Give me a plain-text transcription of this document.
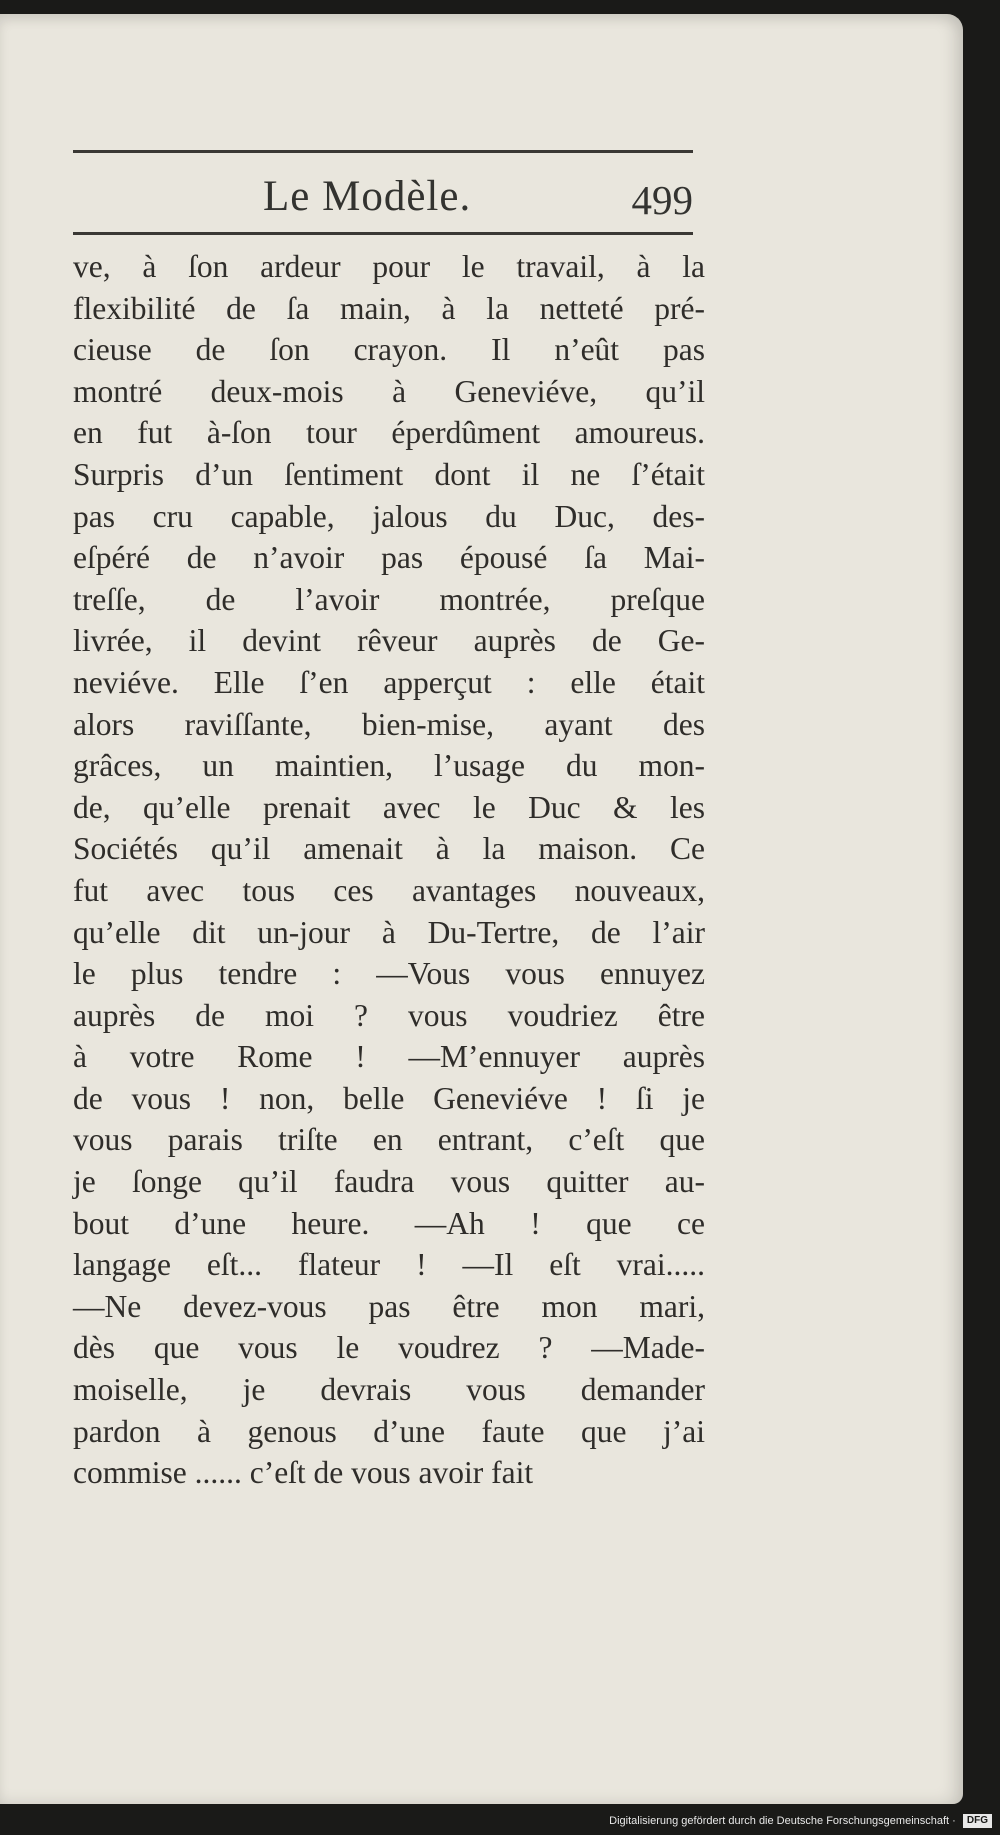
Le Modèle.	499
ve, à ſon ardeur pour le travail, à la
flexibilité de ſa main, à la netteté pré-
cieuse de ſon crayon. Il n’eût pas
montré deux-mois à Geneviéve, qu’il
en fut à-ſon tour éperdûment amoureus.
Surpris d’un ſentiment dont il ne ſ’était
pas cru capable, jalous du Duc, des-
eſpéré de n’avoir pas épousé ſa Mai-
treſſe, de l’avoir montrée, preſque
livrée, il devint rêveur auprès de Ge-
neviéve. Elle ſ’en apperçut : elle était
alors raviſſante, bien-mise, ayant des
grâces, un maintien, l’usage du mon-
de, qu’elle prenait avec le Duc & les
Sociétés qu’il amenait à la maison. Ce
fut avec tous ces avantages nouveaux,
qu’elle dit un-jour à Du-Tertre, de l’air
le plus tendre : —Vous vous ennuyez
auprès de moi ? vous voudriez être
à votre Rome ! —M’ennuyer auprès
de vous ! non, belle Geneviéve ! ſi je
vous parais triſte en entrant, c’eſt que
je ſonge qu’il faudra vous quitter au-
bout d’une heure. —Ah ! que ce
langage eſt... flateur ! —Il eſt vrai.....
—Ne devez-vous pas être mon mari,
dès que vous le voudrez ? —Made-
moiselle, je devrais vous demander
pardon à genous d’une faute que j’ai
commise ...... c’eſt de vous avoir fait
Digitalisierung gefördert durch die Deutsche Forschungsgemeinschaft · DFG
